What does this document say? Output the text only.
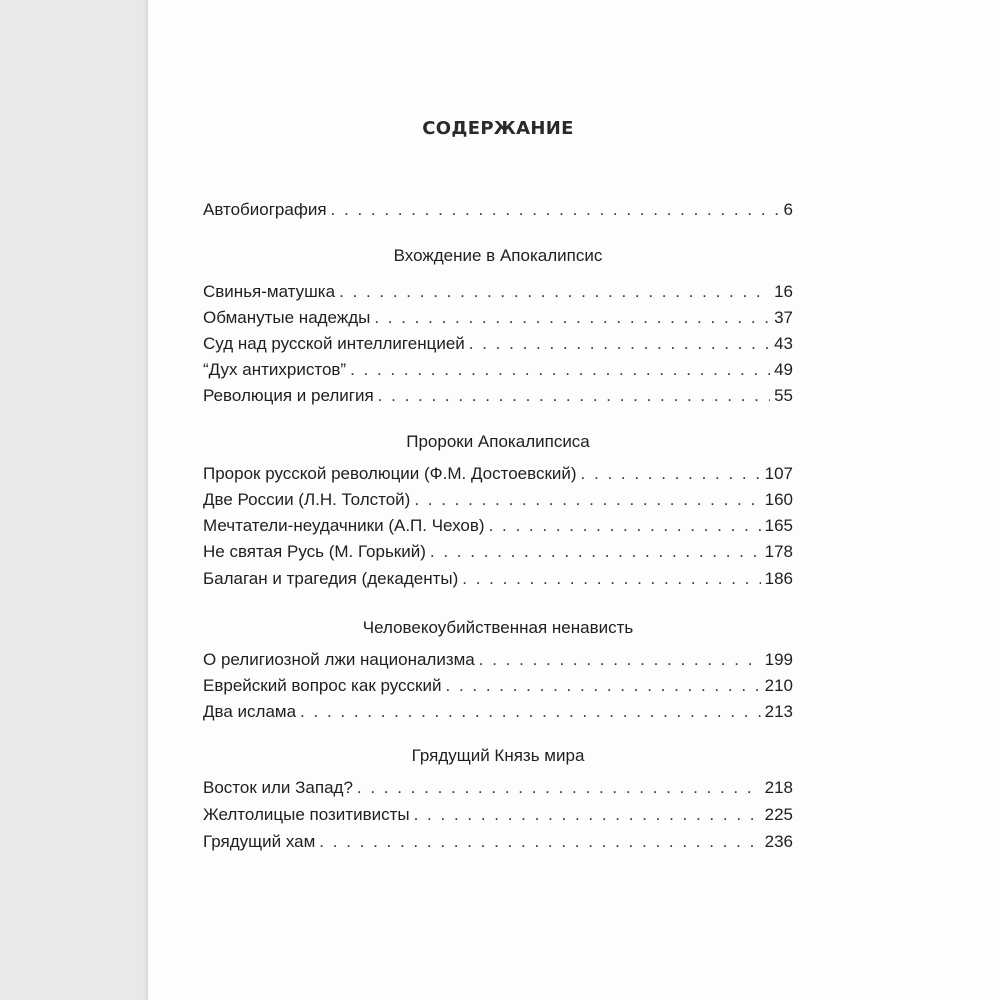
СОДЕРЖАНИЕ
Автобиография . . .	6
Вхождение в Апокалипсис
Свинья-матушка . . .	16
Обманутые надежды . . .	37
Суд над русской интеллигенцией . . .	43
“Дух антихристов” . . .	49
Революция и религия . . .	55
Пророки Апокалипсиса
Пророк русской революции (Ф.М. Достоевский) . . .	107
Две России (Л.Н. Толстой) . . .	160
Мечтатели-неудачники (А.П. Чехов) . . .	165
Не святая Русь (М. Горький) . . .	178
Балаган и трагедия (декаденты) . . .	186
Человекоубийственная ненависть
О религиозной лжи национализма . . .	199
Еврейский вопрос как русский . . .	210
Два ислама . . .	213
Грядущий Князь мира
Восток или Запад? . . .	218
Желтолицые позитивисты . . .	225
Грядущий хам . . .	236
